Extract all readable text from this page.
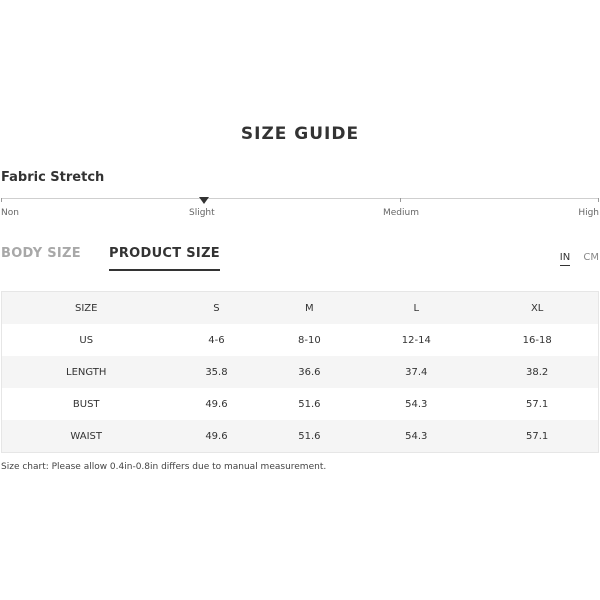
SIZE GUIDE
Fabric Stretch
Non	Slight	Medium	High
BODY SIZE PRODUCT SIZE	IN CM
SIZE	S	M	L	XL
US	4-6	8-10	12-14	16-18
LENGTH	35.8	36.6	37.4	38.2
BUST	49.6	51.6	54.3	57.1
WAIST	49.6	51.6	54.3	57.1
Size chart: Please allow 0.4in-0.8in differs due to manual measurement.
